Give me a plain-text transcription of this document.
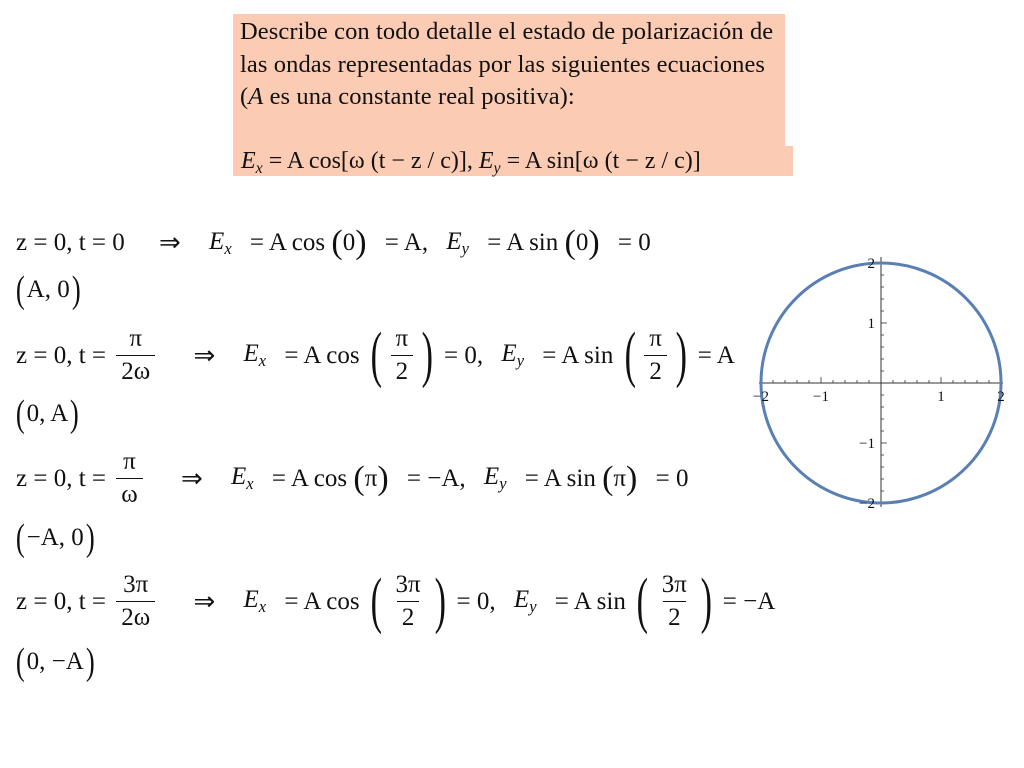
Describe con todo detalle el estado de polarización de las ondas representadas por las siguientes ecuaciones (A es una constante real positiva):
$E_x = A$ cos[ω (t − z / c)], $E_y = A$ sin[ω (t − z / c)]
z = 0, t = 0 ⇒ $E_x = A$ cos (0) = A, $E_y = A$ sin (0) = 0
(A, 0)
z = 0, $t = \frac{\pi}{2\omega}$ ⇒ $E_x = A$ cos ( $\frac{\pi}{2}$ ) = 0, $E_y = A$ sin ( $\frac{\pi}{2}$ ) = A
(0, A)
z = 0, $t = \frac{\pi}{\omega}$ ⇒ $E_x = A$ cos (π) = −A, $E_y = A$ sin (π) = 0
(−A, 0)
z = 0, $t = \frac{3\pi}{2\omega}$ ⇒ $E_x = A$ cos ( $\frac{3\pi}{2}$ ) = 0, $E_y = A$ sin ( $\frac{3\pi}{2}$ ) = −A
(0, −A)
−2	−1	1	2
2
1
−1
−2
